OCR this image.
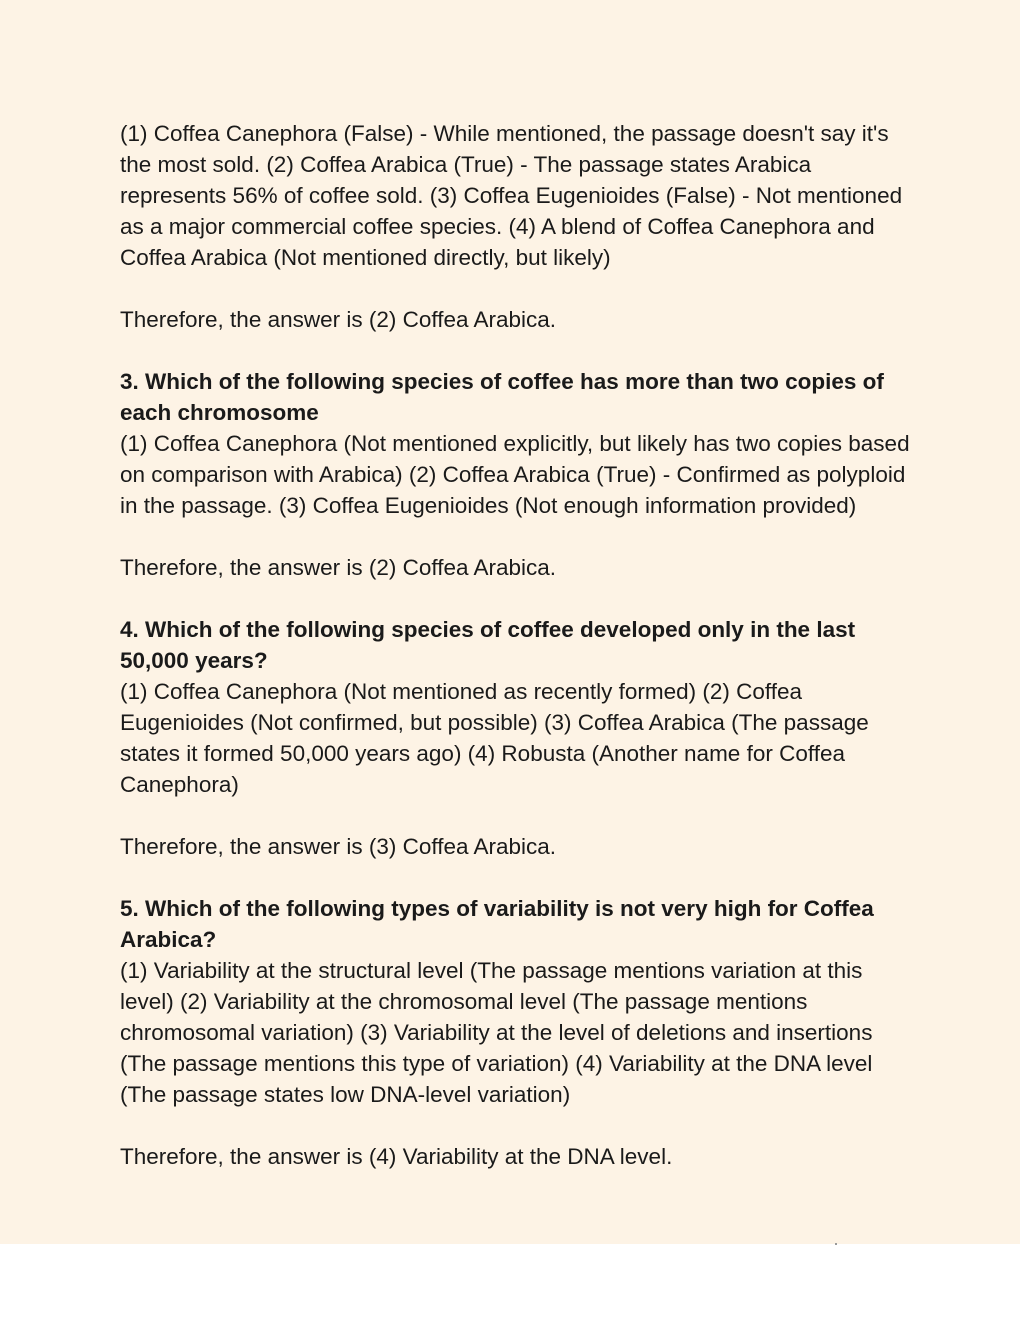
(1) Coffea Canephora (False) - While mentioned, the passage doesn't say it's the most sold. (2) Coffea Arabica (True) - The passage states Arabica represents 56% of coffee sold. (3) Coffea Eugenioides (False) - Not mentioned as a major commercial coffee species. (4) A blend of Coffea Canephora and Coffea Arabica (Not mentioned directly, but likely)

Therefore, the answer is (2) Coffea Arabica.

3. Which of the following species of coffee has more than two copies of each chromosome

(1) Coffea Canephora (Not mentioned explicitly, but likely has two copies based on comparison with Arabica) (2) Coffea Arabica (True) - Confirmed as polyploid in the passage. (3) Coffea Eugenioides (Not enough information provided)

Therefore, the answer is (2) Coffea Arabica.

4. Which of the following species of coffee developed only in the last 50,000 years?

(1) Coffea Canephora (Not mentioned as recently formed) (2) Coffea Eugenioides (Not confirmed, but possible) (3) Coffea Arabica (The passage states it formed 50,000 years ago) (4) Robusta (Another name for Coffea Canephora)

Therefore, the answer is (3) Coffea Arabica.

5. Which of the following types of variability is not very high for Coffea Arabica?

(1) Variability at the structural level (The passage mentions variation at this level) (2) Variability at the chromosomal level (The passage mentions chromosomal variation) (3) Variability at the level of deletions and insertions (The passage mentions this type of variation) (4) Variability at the DNA level (The passage states low DNA-level variation)

Therefore, the answer is (4) Variability at the DNA level.
